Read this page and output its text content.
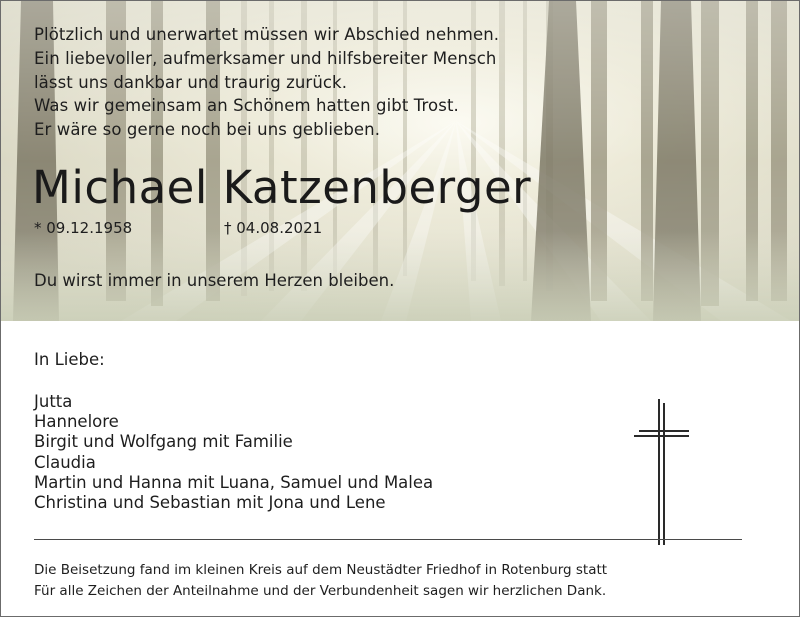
Plötzlich und unerwartet müssen wir Abschied nehmen.
Ein liebevoller, aufmerksamer und hilfsbereiter Mensch
lässt uns dankbar und traurig zurück.
Was wir gemeinsam an Schönem hatten gibt Trost.
Er wäre so gerne noch bei uns geblieben.
Michael Katzenberger
* 09.12.1958	† 04.08.2021
Du wirst immer in unserem Herzen bleiben.
In Liebe:
Jutta
Hannelore
Birgit und Wolfgang mit Familie
Claudia
Martin und Hanna mit Luana, Samuel und Malea
Christina und Sebastian mit Jona und Lene
Die Beisetzung fand im kleinen Kreis auf dem Neustädter Friedhof in Rotenburg statt
Für alle Zeichen der Anteilnahme und der Verbundenheit sagen wir herzlichen Dank.
